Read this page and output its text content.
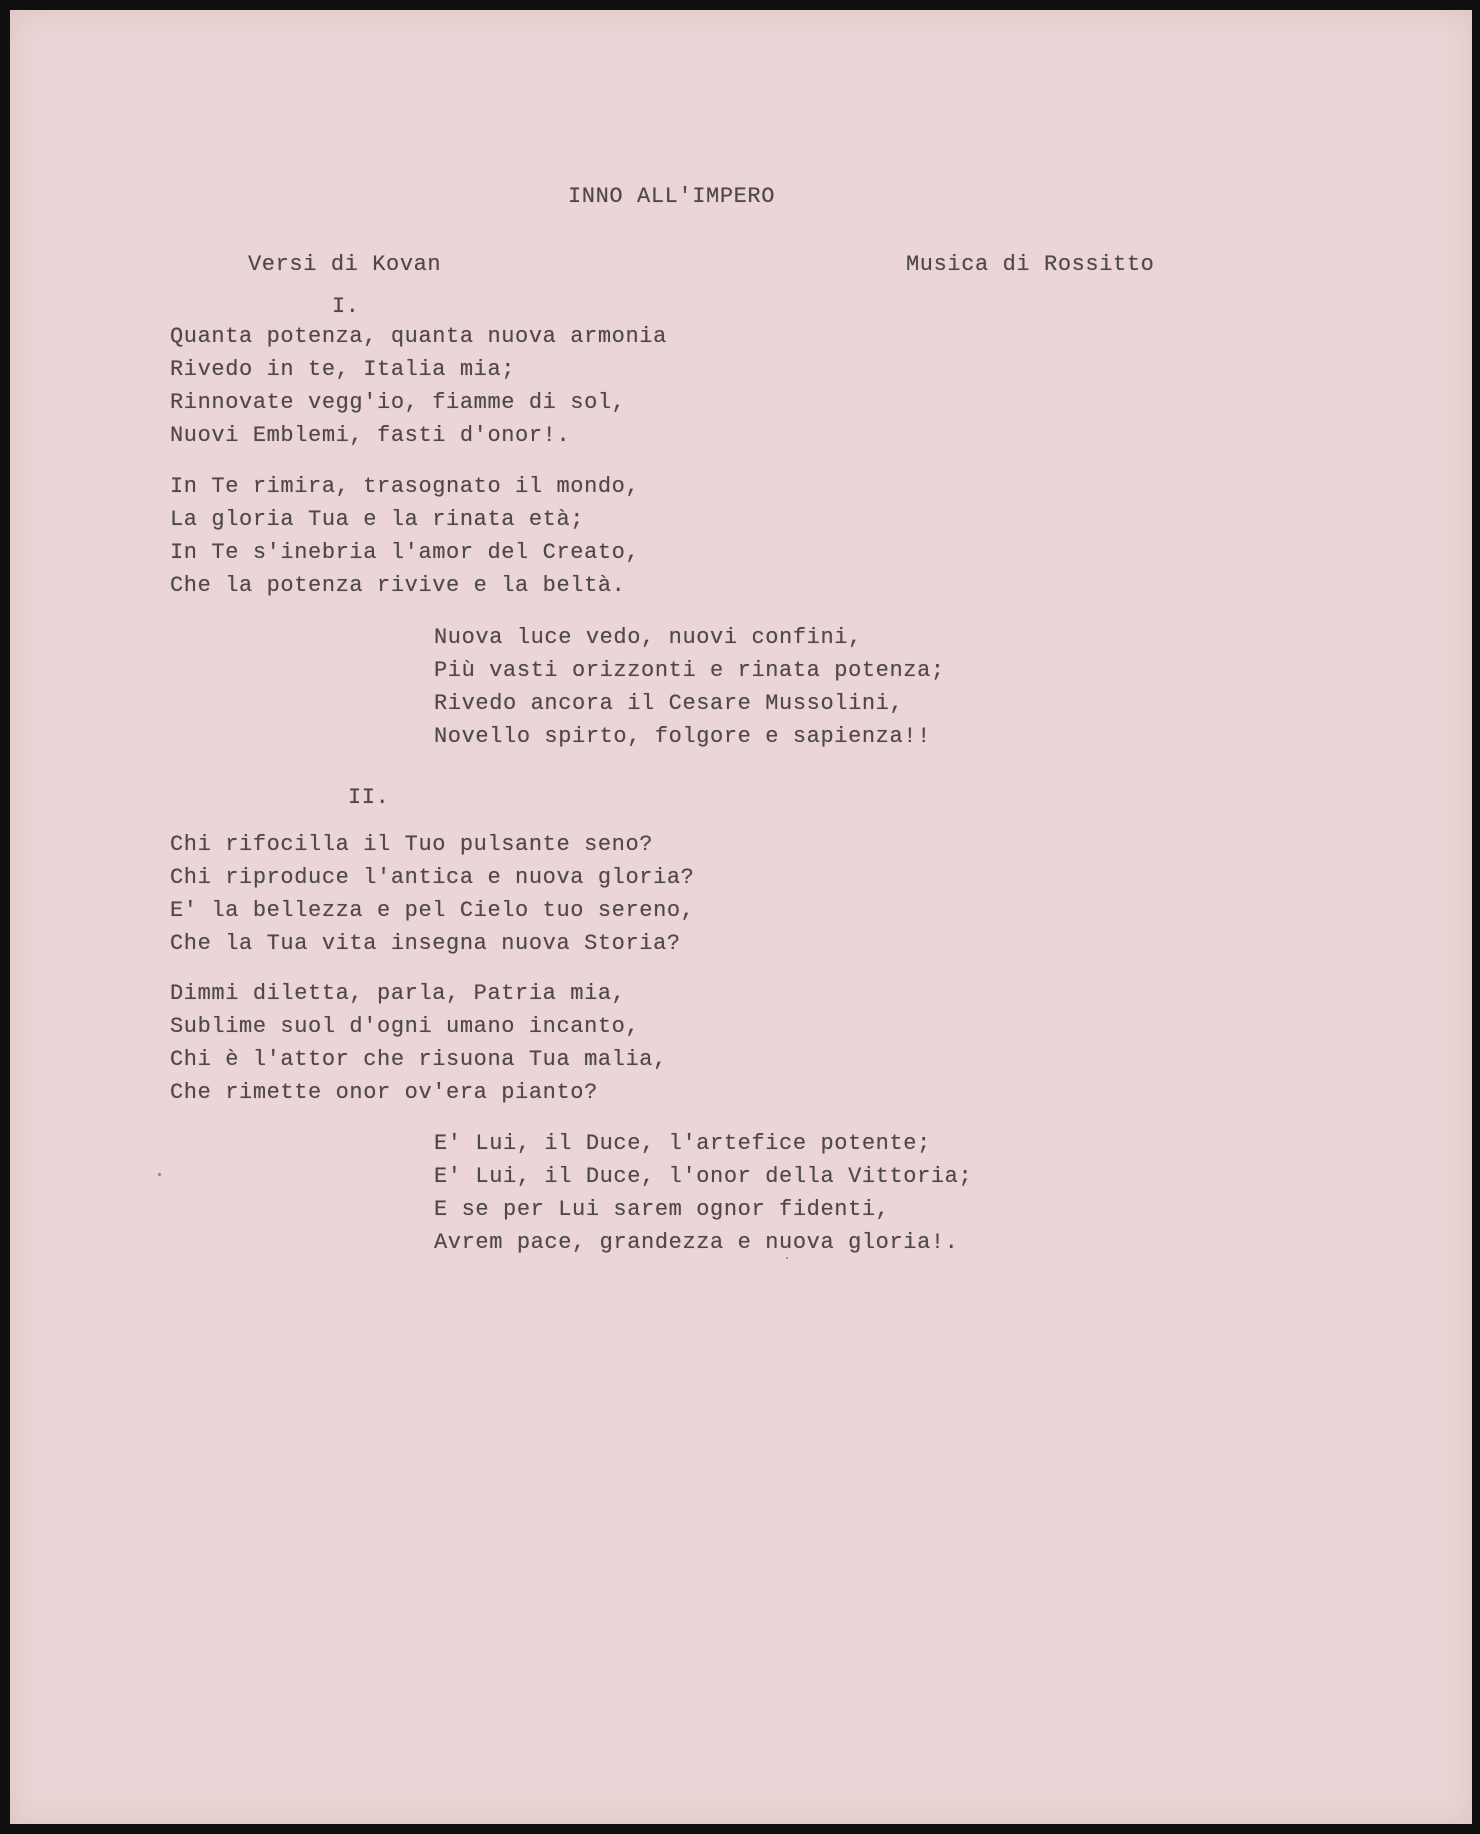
INNO ALL'IMPERO

Versi di Kovan	Musica di Rossitto

I.

Quanta potenza, quanta nuova armonia
Rivedo in te, Italia mia;
Rinnovate vegg'io, fiamme di sol,
Nuovi Emblemi, fasti d'onor!.
In Te rimira, trasognato il mondo,
La gloria Tua e la rinata età;
In Te s'inebria l'amor del Creato,
Che la potenza rivive e la beltà.
Nuova luce vedo, nuovi confini,
Più vasti orizzonti e rinata potenza;
Rivedo ancora il Cesare Mussolini,
Novello spirto, folgore e sapienza!!

II.

Chi rifocilla il Tuo pulsante seno?
Chi riproduce l'antica e nuova gloria?
E' la bellezza e pel Cielo tuo sereno,
Che la Tua vita insegna nuova Storia?
Dimmi diletta, parla, Patria mia,
Sublime suol d'ogni umano incanto,
Chi è l'attor che risuona Tua malia,
Che rimette onor ov'era pianto?
E' Lui, il Duce, l'artefice potente;
E' Lui, il Duce, l'onor della Vittoria;
E se per Lui sarem ognor fidenti,
Avrem pace, grandezza e nuova gloria!.
